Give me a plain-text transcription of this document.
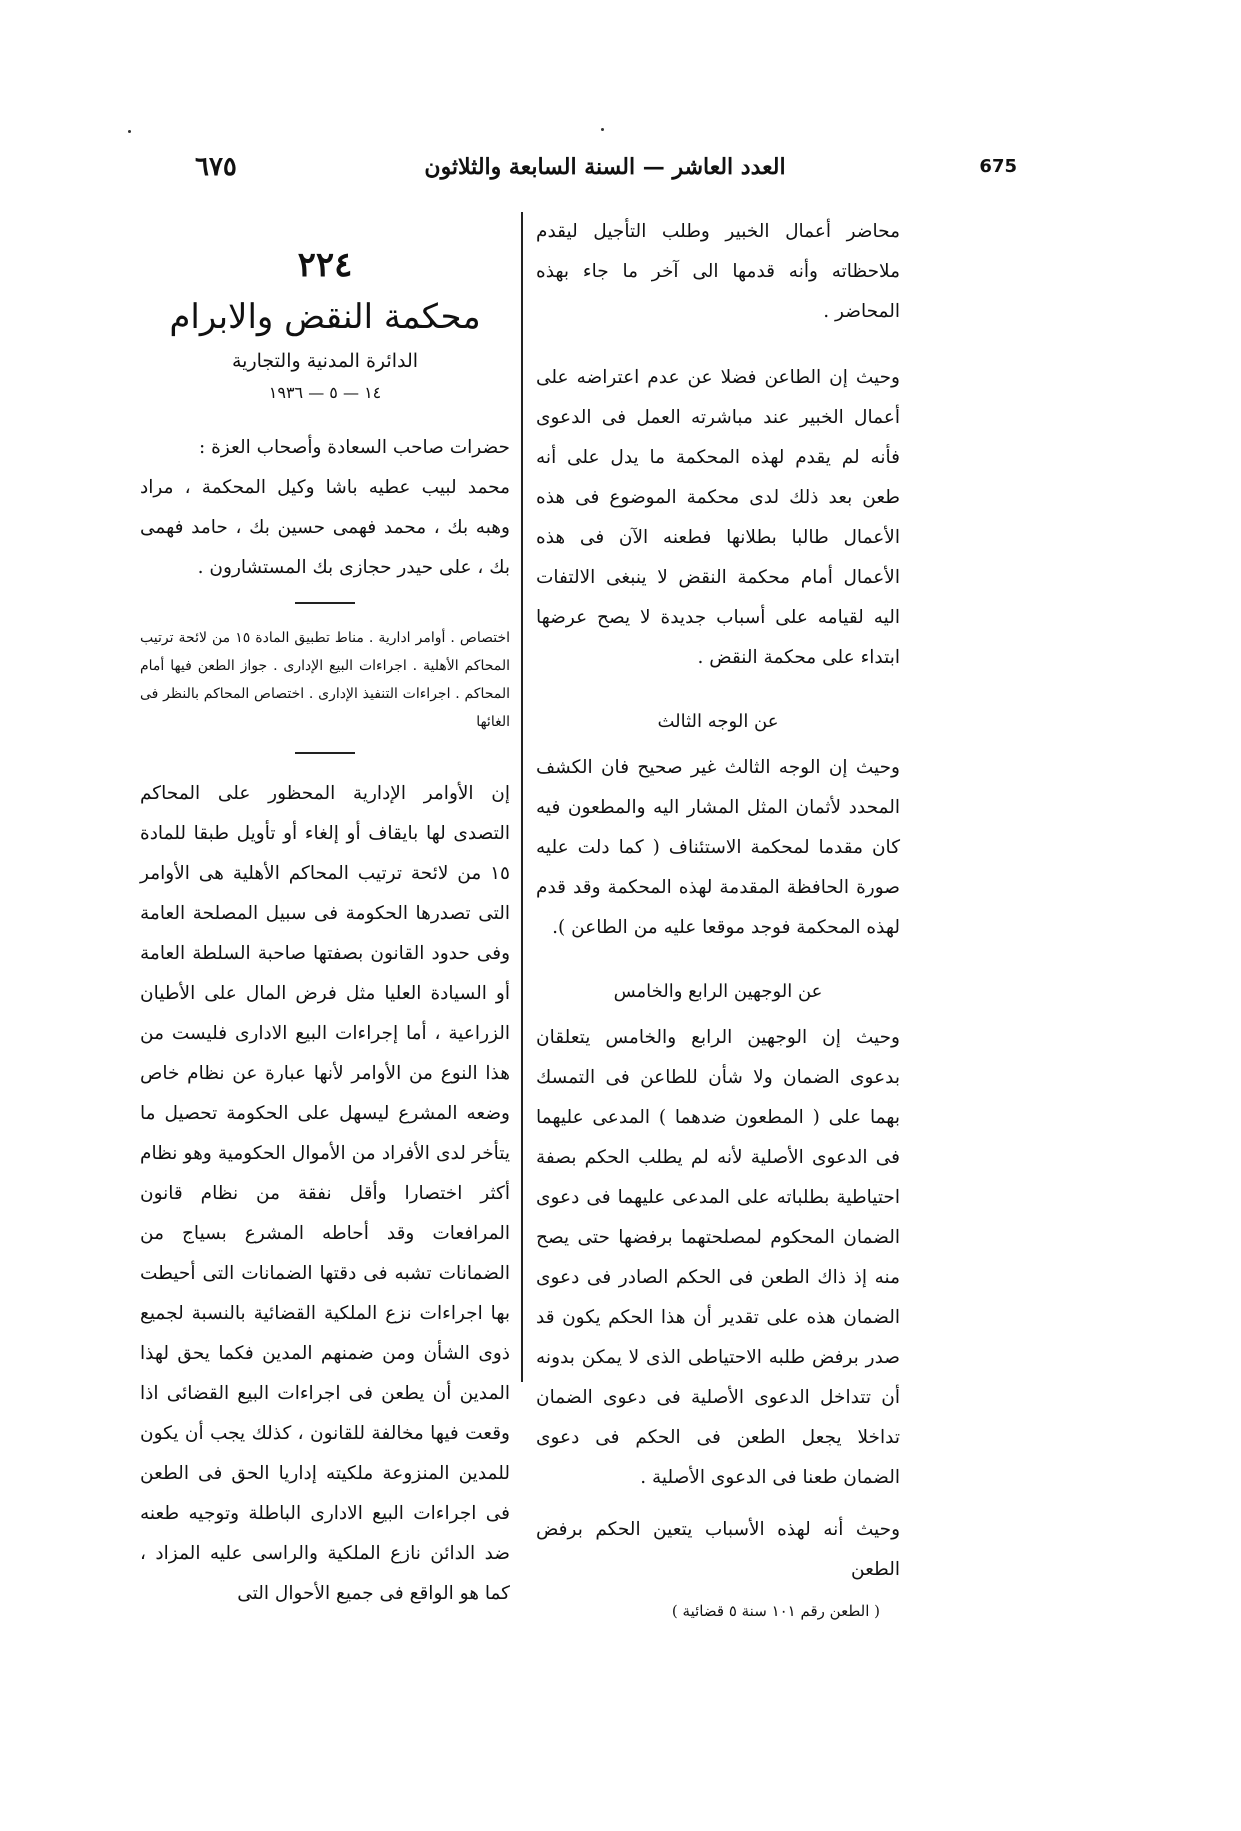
٦٧٥	العدد العاشر — السنة السابعة والثلاثون	675

محاضر أعمال الخبير وطلب التأجيل ليقدم ملاحظاته وأنه قدمها الى آخر ما جاء بهذه المحاضر .

وحيث إن الطاعن فضلا عن عدم اعتراضه على أعمال الخبير عند مباشرته العمل فى الدعوى فأنه لم يقدم لهذه المحكمة ما يدل على أنه طعن بعد ذلك لدى محكمة الموضوع فى هذه الأعمال طالبا بطلانها فطعنه الآن فى هذه الأعمال أمام محكمة النقض لا ينبغى الالتفات اليه لقيامه على أسباب جديدة لا يصح عرضها ابتداء على محكمة النقض .

عن الوجه الثالث

وحيث إن الوجه الثالث غير صحيح فان الكشف المحدد لأثمان المثل المشار اليه والمطعون فيه كان مقدما لمحكمة الاستئناف ( كما دلت عليه صورة الحافظة المقدمة لهذه المحكمة وقد قدم لهذه المحكمة فوجد موقعا عليه من الطاعن ).

عن الوجهين الرابع والخامس

وحيث إن الوجهين الرابع والخامس يتعلقان بدعوى الضمان ولا شأن للطاعن فى التمسك بهما على ( المطعون ضدهما ) المدعى عليهما فى الدعوى الأصلية لأنه لم يطلب الحكم بصفة احتياطية بطلباته على المدعى عليهما فى دعوى الضمان المحكوم لمصلحتهما برفضها حتى يصح منه إذ ذاك الطعن فى الحكم الصادر فى دعوى الضمان هذه على تقدير أن هذا الحكم يكون قد صدر برفض طلبه الاحتياطى الذى لا يمكن بدونه أن تتداخل الدعوى الأصلية فى دعوى الضمان تداخلا يجعل الطعن فى الحكم فى دعوى الضمان طعنا فى الدعوى الأصلية .

وحيث أنه لهذه الأسباب يتعين الحكم برفض الطعن

( الطعن رقم ١٠١ سنة ٥ قضائية )
٢٢٤
محكمة النقض والابرام
الدائرة المدنية والتجارية
١٤ — ٥ — ١٩٣٦

حضرات صاحب السعادة وأصحاب العزة :

محمد لبيب عطيه باشا وكيل المحكمة ، مراد وهبه بك ، محمد فهمى حسين بك ، حامد فهمى بك ، على حيدر حجازى بك المستشارون .

اختصاص . أوامر ادارية . مناط تطبيق المادة ١٥ من لائحة ترتيب المحاكم الأهلية . اجراءات البيع الإدارى . جواز الطعن فيها أمام المحاكم . اجراءات التنفيذ الإدارى . اختصاص المحاكم بالنظر فى الغائها

إن الأوامر الإدارية المحظور على المحاكم التصدى لها بايقاف أو إلغاء أو تأويل طبقا للمادة ١٥ من لائحة ترتيب المحاكم الأهلية هى الأوامر التى تصدرها الحكومة فى سبيل المصلحة العامة وفى حدود القانون بصفتها صاحبة السلطة العامة أو السيادة العليا مثل فرض المال على الأطيان الزراعية ، أما إجراءات البيع الادارى فليست من هذا النوع من الأوامر لأنها عبارة عن نظام خاص وضعه المشرع ليسهل على الحكومة تحصيل ما يتأخر لدى الأفراد من الأموال الحكومية وهو نظام أكثر اختصارا وأقل نفقة من نظام قانون المرافعات وقد أحاطه المشرع بسياج من الضمانات تشبه فى دقتها الضمانات التى أحيطت بها اجراءات نزع الملكية القضائية بالنسبة لجميع ذوى الشأن ومن ضمنهم المدين فكما يحق لهذا المدين أن يطعن فى اجراءات البيع القضائى اذا وقعت فيها مخالفة للقانون ، كذلك يجب أن يكون للمدين المنزوعة ملكيته إداريا الحق فى الطعن فى اجراءات البيع الادارى الباطلة وتوجيه طعنه ضد الدائن نازع الملكية والراسى عليه المزاد ، كما هو الواقع فى جميع الأحوال التى
